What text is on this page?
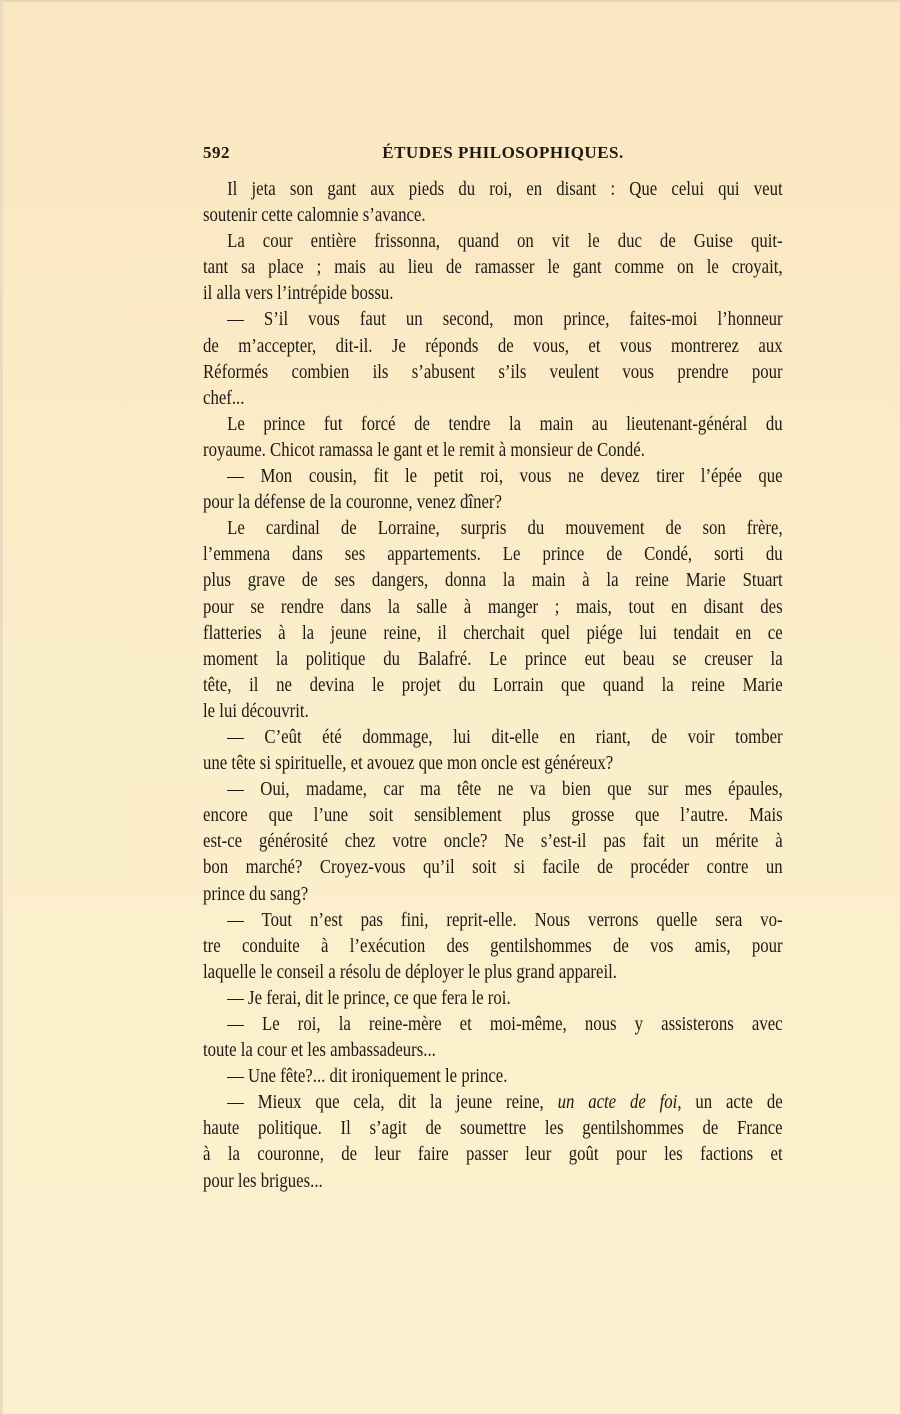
592	ÉTUDES PHILOSOPHIQUES.
Il jeta son gant aux pieds du roi, en disant : Que celui qui veut
soutenir cette calomnie s’avance.
La cour entière frissonna, quand on vit le duc de Guise quit-
tant sa place ; mais au lieu de ramasser le gant comme on le croyait,
il alla vers l’intrépide bossu.
— S’il vous faut un second, mon prince, faites-moi l’honneur
de m’accepter, dit-il. Je réponds de vous, et vous montrerez aux
Réformés combien ils s’abusent s’ils veulent vous prendre pour
chef...
Le prince fut forcé de tendre la main au lieutenant-général du
royaume. Chicot ramassa le gant et le remit à monsieur de Condé.
— Mon cousin, fit le petit roi, vous ne devez tirer l’épée que
pour la défense de la couronne, venez dîner?
Le cardinal de Lorraine, surpris du mouvement de son frère,
l’emmena dans ses appartements. Le prince de Condé, sorti du
plus grave de ses dangers, donna la main à la reine Marie Stuart
pour se rendre dans la salle à manger ; mais, tout en disant des
flatteries à la jeune reine, il cherchait quel piége lui tendait en ce
moment la politique du Balafré. Le prince eut beau se creuser la
tête, il ne devina le projet du Lorrain que quand la reine Marie
le lui découvrit.
— C’eût été dommage, lui dit-elle en riant, de voir tomber
une tête si spirituelle, et avouez que mon oncle est généreux?
— Oui, madame, car ma tête ne va bien que sur mes épaules,
encore que l’une soit sensiblement plus grosse que l’autre. Mais
est-ce générosité chez votre oncle? Ne s’est-il pas fait un mérite à
bon marché? Croyez-vous qu’il soit si facile de procéder contre un
prince du sang?
— Tout n’est pas fini, reprit-elle. Nous verrons quelle sera vo-
tre conduite à l’exécution des gentilshommes de vos amis, pour
laquelle le conseil a résolu de déployer le plus grand appareil.
— Je ferai, dit le prince, ce que fera le roi.
— Le roi, la reine-mère et moi-même, nous y assisterons avec
toute la cour et les ambassadeurs...
— Une fête?... dit ironiquement le prince.
— Mieux que cela, dit la jeune reine, un acte de foi, un acte de
haute politique. Il s’agit de soumettre les gentilshommes de France
à la couronne, de leur faire passer leur goût pour les factions et
pour les brigues...
